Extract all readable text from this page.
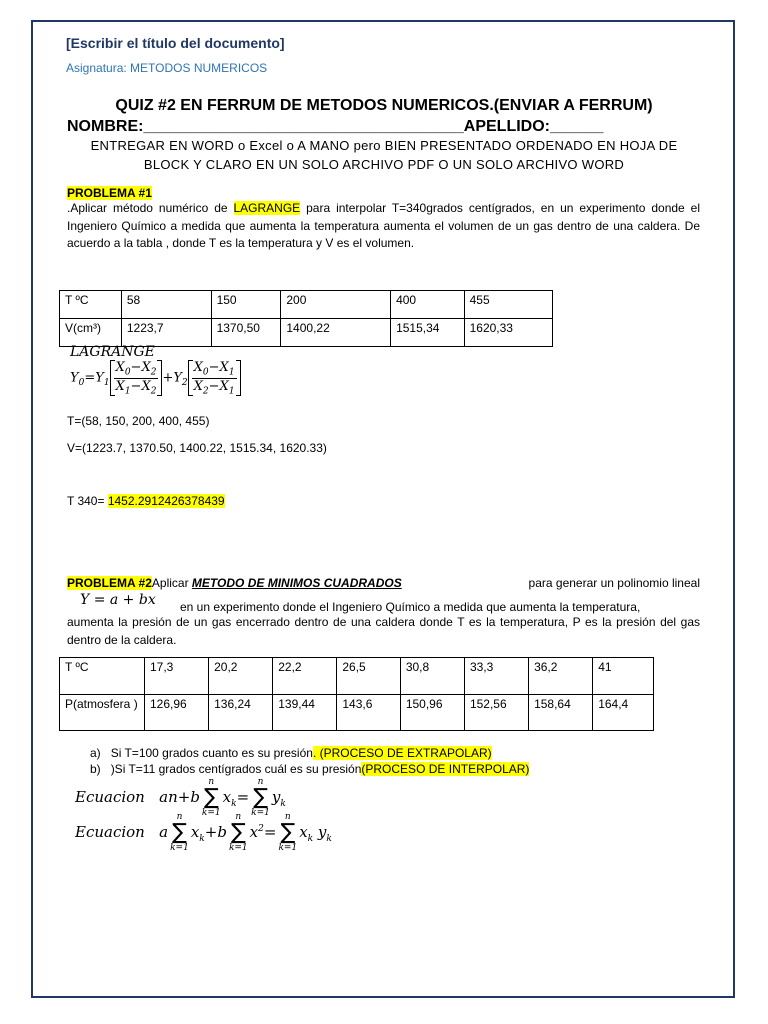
[Escribir el título del documento]
Asignatura: METODOS NUMERICOS
QUIZ #2 EN FERRUM DE METODOS NUMERICOS.(ENVIAR A FERRUM)
NOMBRE:____________________________________APELLIDO:______
ENTREGAR EN WORD o Excel o A MANO pero BIEN PRESENTADO ORDENADO EN HOJA DE BLOCK Y CLARO EN UN SOLO ARCHIVO PDF O UN SOLO ARCHIVO WORD
PROBLEMA #1
.Aplicar método numérico de LAGRANGE para interpolar T=340grados centígrados, en un experimento donde el Ingeniero Químico a medida que aumenta la temperatura aumenta el volumen de un gas dentro de una caldera. De acuerdo a la tabla , donde T es la temperatura y V es el volumen.
T ºC	58	150	200	400	455
V(cm³)	1223,7	1370,50	1400,22	1515,34	1620,33
LAGRANGE
$Y_0=Y_1 \frac{X_0-X_2}{X_1-X_2} +Y_2 \frac{X_0-X_1}{X_2-X_1}$
T=(58, 150, 200, 400, 455)
V=(1223.7, 1370.50, 1400.22, 1515.34, 1620.33)
T 340= 1452.2912426378439
PROBLEMA #2Aplicar METODO DE MINIMOS CUADRADOS	para generar un polinomio lineal
Y = a + bx en un experimento donde el Ingeniero Químico a medida que aumenta la temperatura,
aumenta la presión de un gas encerrado dentro de una caldera donde T es la temperatura, P es la presión del gas dentro de la caldera.
T ºC	17,3	20,2	22,2	26,5	30,8	33,3	36,2	41
P(atmosfera )	126,96	136,24	139,44	143,6	150,96	152,56	158,64	164,4
a) Si T=100 grados cuanto es su presión. (PROCESO DE EXTRAPOLAR)
b) )Si T=11 grados centígrados cuál es su presión(PROCESO DE INTERPOLAR)
Ecuacion   an+b
n
∑
k=1
$x_k=$
n
∑
k=1
$y_k$
Ecuacion   a
n
∑
k=1
$x_k+b$
n
∑
k=1
$x^2=$
n
∑
k=1
$x_k$ $y_k$
